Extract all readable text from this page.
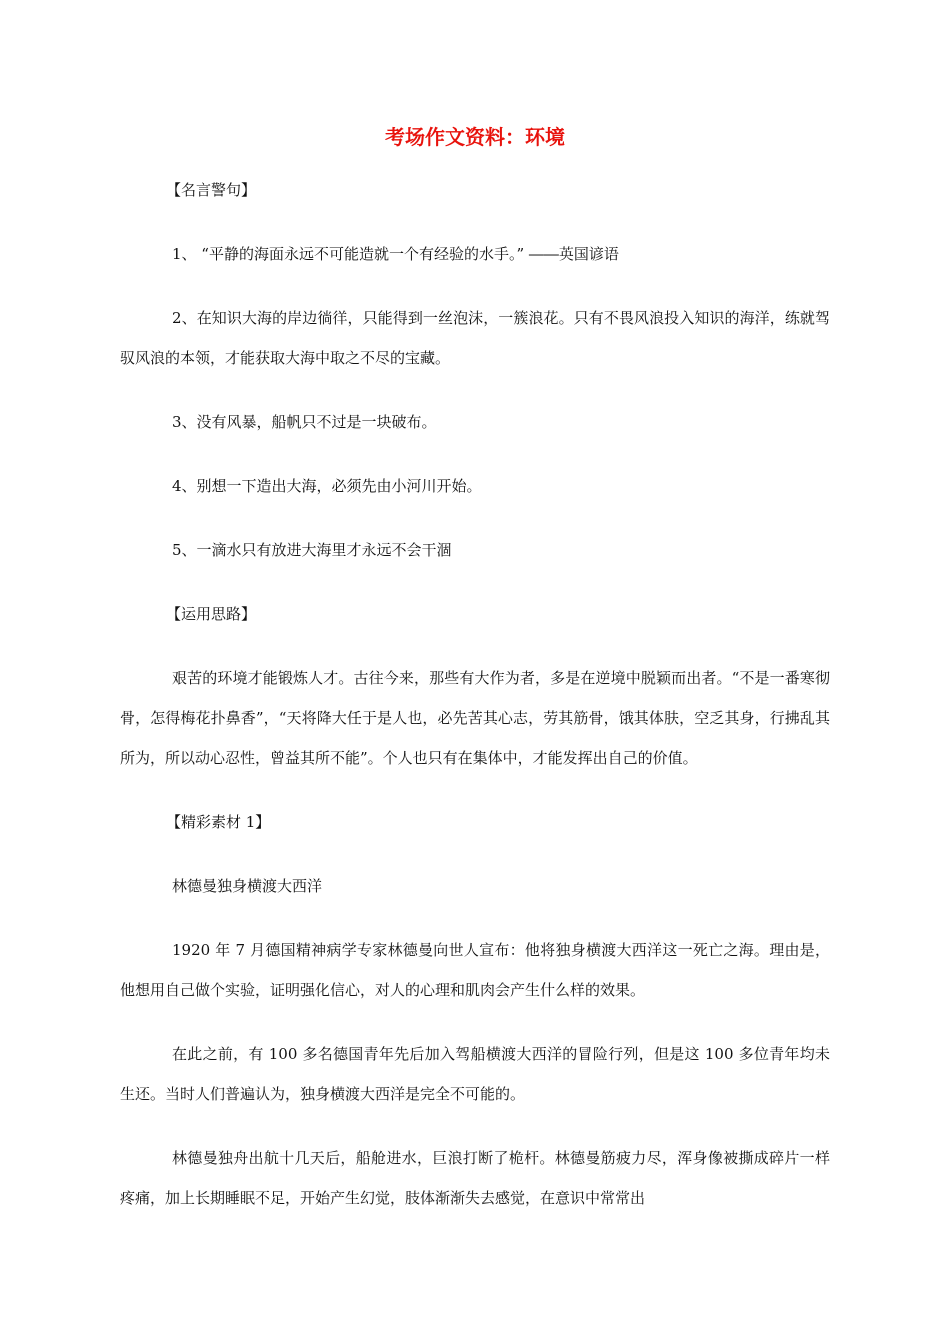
考场作文资料：环境

【名言警句】

1、 “平静的海面永远不可能造就一个有经验的水手。” ――英国谚语

2、在知识大海的岸边徜徉，只能得到一丝泡沫，一簇浪花。只有不畏风浪投入知识的海洋，练就驾驭风浪的本领，才能获取大海中取之不尽的宝藏。

3、没有风暴，船帆只不过是一块破布。

4、别想一下造出大海，必须先由小河川开始。

5、一滴水只有放进大海里才永远不会干涸

【运用思路】

艰苦的环境才能锻炼人才。古往今来，那些有大作为者，多是在逆境中脱颖而出者。“不是一番寒彻骨，怎得梅花扑鼻香”，“天将降大任于是人也，必先苦其心志，劳其筋骨，饿其体肤，空乏其身，行拂乱其所为，所以动心忍性，曾益其所不能”。个人也只有在集体中，才能发挥出自己的价值。

【精彩素材 1】

林德曼独身横渡大西洋

1920 年 7 月德国精神病学专家林德曼向世人宣布：他将独身横渡大西洋这一死亡之海。理由是，他想用自己做个实验，证明强化信心，对人的心理和肌肉会产生什么样的效果。

在此之前，有 100 多名德国青年先后加入驾船横渡大西洋的冒险行列，但是这 100 多位青年均未生还。当时人们普遍认为，独身横渡大西洋是完全不可能的。

林德曼独舟出航十几天后，船舱进水，巨浪打断了桅杆。林德曼筋疲力尽，浑身像被撕成碎片一样疼痛，加上长期睡眠不足，开始产生幻觉，肢体渐渐失去感觉，在意识中常常出
